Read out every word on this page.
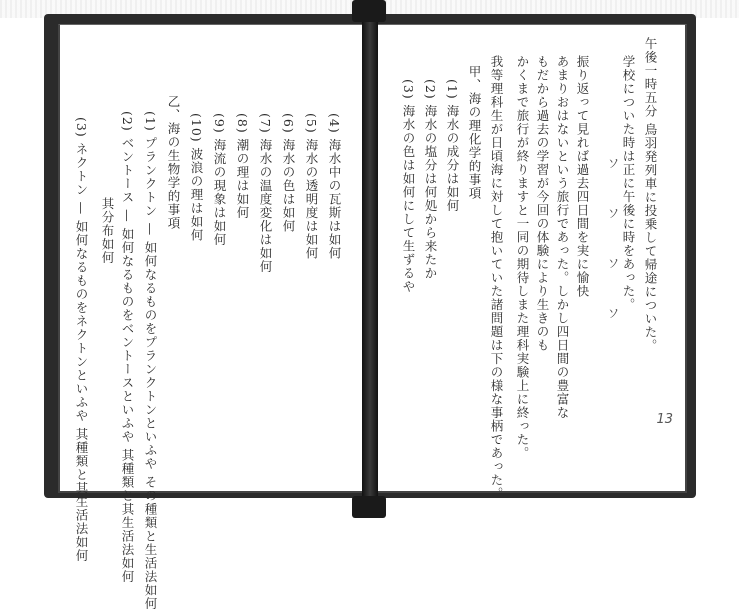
(4) 海水中の瓦斯は如何
(5) 海水の透明度は如何
(6) 海水の色は如何
(7) 海水の温度変化は如何
(8) 潮の理は如何
(9) 海流の現象は如何
(10) 波浪の理は如何
乙、海の生物学的事項
(1) プランクトン — 如何なるものをプランクトンといふや その種類と生活法如何
(2) ベントース — 如何なるものをベントースといふや 其種類と其生活法如何
其分布如何
(3) ネクトン — 如何なるものをネクトンといふや 其種類と其生活法如何	午後一時五分 鳥羽発列車に投乗して帰途についた。
学校についた時は正に午後に時をあった。
振り返って見れば過去四日間を実に愉快
あまりおはないという旅行であった。しかし四日間の豊富な
もだから過去の学習が今回の体験により生きのも
かくまで旅行が終りますと一同の期待しまた理科実験上に終った。
我等理科生が日頃海に対して抱いていた諸問題は下の様な事柄であった。
甲、海の理化学的事項
(1) 海水の成分は如何
(2) 海水の塩分は何処から来たか
(3) 海水の色は如何にして生ずるや	ソ
ソ
ソ
ソ
13
